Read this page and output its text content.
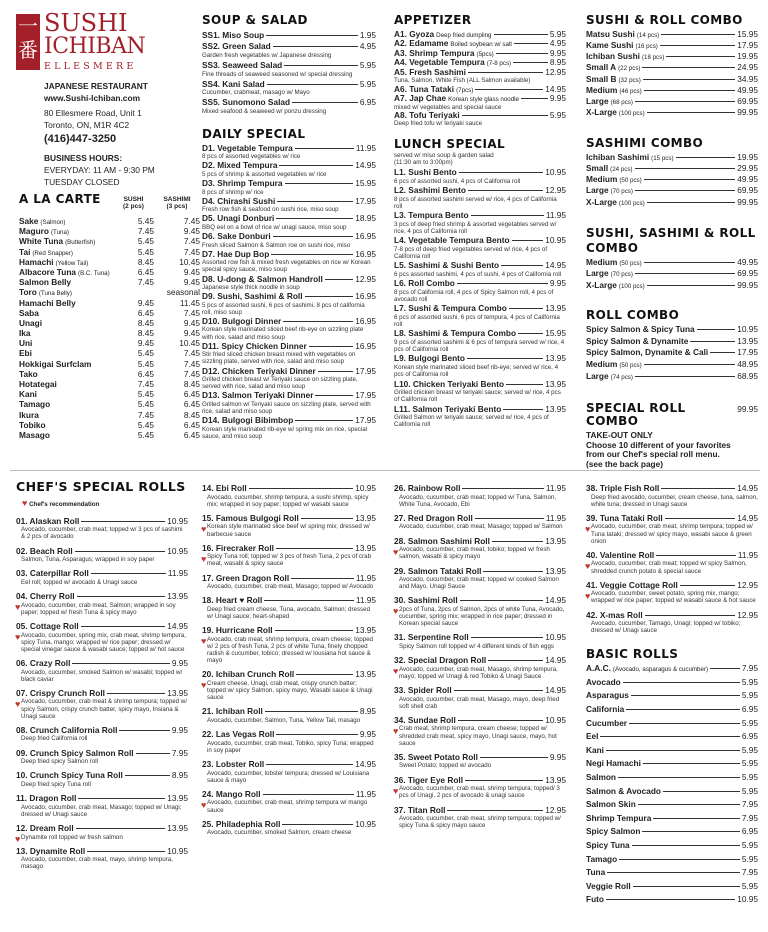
一
番
SUSHI
ICHIBAN
ELLESMERE
JAPANESE RESTAURANT
www.Sushi-Ichiban.com
80 Ellesmere Road, Unit 1
Toronto, ON, M1R 4C2
(416)447-3250
BUSINESS HOURS:
EVERYDAY: 11 AM - 9:30 PM
TUESDAY CLOSED
A LA CARTE	SUSHI
(2 pcs)
SASHIMI
(3 pcs)
Sake (Salmon)	5.45	7.45
Maguro (Tuna)	7.45	9.45
White Tuna (Butterfish)	5.45	7.45
Tai (Red Snapper)	5.45	7.45
Hamachi (Yellow Tail)	8.45	10.45
Albacore Tuna (B.C. Tuna)	6.45	9.45
Salmon Belly	7.45	9.45
Toro (Tuna Belly)	seasonal
Hamachi Belly	9.45	11.45
Saba	6.45	7.45
Unagi	8.45	9.45
Ika	8.45	9.45
Uni	9.45	10.45
Ebi	5.45	7.45
Hokkigai Surfclam	5.45	7.45
Tako	6.45	7.45
Hotategai	7.45	8.45
Kani	5.45	6.45
Tamago	5.45	6.45
Ikura	7.45	8.45
Tobiko	5.45	6.45
Masago	5.45	6.45
SOUP & SALAD
SS1. Miso Soup	1.95
SS2. Green Salad	4.95
Garden fresh vegetables w/ Japanese dressing
SS3. Seaweed Salad	5.95
Fine threads of seaweed seasoned w/ special dressing
SS4. Kani Salad	5.95
Cucumber, crabmeat, masago w/ Mayo
SS5. Sunomono Salad	6.95
Mixed seafood & seaweed w/ ponzu dressing
DAILY SPECIAL
D1. Vegetable Tempura	11.95
8 pcs of assorted vegetables w/ rice
D2. Mixed Tempura	14.95
5 pcs of shrimp & assorted vegetables w/ rice
D3. Shrimp Tempura	15.95
8 pcs of shrimp w/ rice
D4. Chirashi Sushi	17.95
Fresh row fish & seafood on sushi rice, miso soup
D5. Unagi Donburi	18.95
BBQ eel on a bowl of rice w/ unagi sauce, miso soup
D6. Sake Donburi	16.95
Fresh sliced Salmon & Salmon roe on sushi rice, miso
D7. Hae Dup Bop	16.95
Assorted row fish & mixed fresh vegetables on rice w/ Korean special spicy sauce, miso soup
D8. U-dong & Salmon Handroll	12.95
Japanese style thick noodle in soup
D9. Sushi, Sashimi & Roll	16.95
5 pcs of assorted sushi, 6 pcs of sashimi, 8 pcs of california roll, miso soup
D10. Bulgogi Dinner	16.95
Korean style marinated sliced beef rib-eye on sizzling plate with rice, salad and miso soup
D11. Spicy Chicken Dinner	16.95
Stir fried sliced chicken breast mixed with vegetables on sizzling plate, served with rice, salad and miso soup
D12. Chicken Teriyaki Dinner	17.95
Grilled chicken breast w/ Teriyaki sauce on sizzling plate, served with rice, salad and miso soup
D13. Salmon Teriyaki Dinner	17.95
Grilled salmon w/ Teriyaki sauce on sizzling plate, served with rice, salad and miso soup
D14. Bulgogi Bibimbop	17.95
Korean style marinated rib-eye w/ spring mix on rice, special sauce, and miso soup
APPETIZER
A1. Gyoza Deep fried dumpling	5.95
A2. Edamame Boiled soybean w/ salt	4.95
A3. Shrimp Tempura (5pcs)	9.95
A4. Vegetable Tempura (7-8 pcs)	8.95
A5. Fresh Sashimi	12.95
Tuna, Salmon, White Fish (ALL Salmon available)
A6. Tuna Tataki (7pcs)	14.95
A7. Jap Chae Korean style glass noodle	9.95
mixed w/ vegetables and special sauce
A8. Tofu Teriyaki	5.95
Deep fried tofu w/ teriyaki sauce
LUNCH SPECIAL
served w/ miso soup & garden salad
(11:30 am to 3:00pm)
L1. Sushi Bento	10.95
6 pcs of assorted sushi, 4 pcs of California roll
L2. Sashimi Bento	12.95
8 pcs of assorted sashimi served w/ rice, 4 pcs of California roll
L3. Tempura Bento	11.95
3 pcs of deep fried shrimp & assorted vegetables served w/ rice, 4 pcs of California roll
L4. Vegetable Tempura Bento	10.95
7-8 pcs of deep fried vegetables served w/ rice, 4 pcs of California roll
L5. Sashimi & Sushi Bento	14.95
6 pcs assorted sashimi, 4 pcs of sushi, 4 pcs of California roll
L6. Roll Combo	9.95
8 pcs of California roll, 4 pcs of Spicy Salmon roll, 4 pcs of avocado roll
L7. Sushi & Tempura Combo	13.95
6 pcs of assorted sushi, 6 pcs of tempura, 4 pcs of California roll
L8. Sashimi & Tempura Combo	15.95
9 pcs of assorted sashimi & 6 pcs of tempura served w/ rice, 4 pcs of California roll
L9. Bulgogi Bento	13.95
Korean style marinated sliced beef rib-eye; served w/ rice, 4 pcs of California roll
L10. Chicken Teriyaki Bento	13.95
Grilled chicken breast w/ teriyaki sauce; served w/ rice, 4 pcs of California roll
L11. Salmon Teriyaki Bento	13.95
Grilled Salmon w/ teriyaki sauce; served w/ rice, 4 pcs of California roll
SUSHI & ROLL COMBO
Matsu Sushi (14 pcs)	15.95
Kame Sushi (16 pcs)	17.95
Ichiban Sushi (18 pcs)	19.95
Small A (22 pcs)	24.95
Small B (32 pcs)	34.95
Medium (46 pcs)	49.95
Large (68 pcs)	69.95
X-Large (100 pcs)	99.95
SASHIMI COMBO
Ichiban Sashimi (15 pcs)	19.95
Small (24 pcs)	29.95
Medium (50 pcs)	49.95
Large (70 pcs)	69.95
X-Large (100 pcs)	99.95
SUSHI, SASHIMI & ROLL
COMBO
Medium (50 pcs)	49.95
Large (70 pcs)	69.95
X-Large (100 pcs)	99.95
ROLL COMBO
Spicy Salmon & Spicy Tuna	10.95
Spicy Salmon & Dynamite	13.95
Spicy Salmon, Dynamite & Cali	17.95
Medium (50 pcs)	48.95
Large (74 pcs)	68.95
SPECIAL ROLL COMBO
99.95
TAKE-OUT ONLY
Choose 10 different of your favorites
from our Chef's special roll menu.
(see the back page)
CHEF'S SPECIAL ROLLS
♥ Chef's recommendation
01. Alaskan Roll	10.95
Avocado, cucumber, crab meat; topped w/ 3 pcs of sashimi & 2 pcs of avocado
02. Beach Roll	10.95
Salmon, Tuna, Asparagus; wrapped in soy paper
03. Caterpillar Roll	11.95
Eel roll; topped w/ avocado & Unagi sauce
04. Cherry Roll	13.95
Avocado, cucumber, crab meat, Salmon; wrapped in soy paper; topped w/ fresh Tuna & spicy mayo
♥
05. Cottage Roll	14.95
Avocado, cucumber, spring mix, crab meat, shrimp tempura, spicy Tuna, mango; wrapped w/ rice paper; dressed w/ special vinegar sauce & wasabi sauce; topped w/ hot sauce
♥
06. Crazy Roll	9.95
Avocado, cucumber, smoked Salmon w/ wasabi; topped w/ black caviar
07. Crispy Crunch Roll	13.95
Avocado, cucumber, crab meat & shrimp tempura; topped w/ spicy Salmon, crispy crunch batter, spicy mayo, Insiana & Unagi sauce
♥
08. Crunch California Roll	9.95
Deep fried California roll
09. Crunch Spicy Salmon Roll	7.95
Deep fried spicy Salmon roll
10. Crunch Spicy Tuna Roll	8.95
Deep fried spicy Tuna roll
11. Dragon Roll	13.95
Avocado, cucumber, crab meat, Masago; topped w/ Unagi; dressed w/ Unagi sauce
12. Dream Roll	13.95
Dynamite roll topped w/ fresh salmon
♥
13. Dynamite Roll	10.95
Avocado, cucumber, crab meat, mayo, shrimp tempura, masago
14. Ebi Roll	10.95
Avocado, cucumber, shrimp tempura, a sushi shrimp, spicy mix; wrapped in soy paper; topped w/ wasabi sauce
15. Famous Bulgogi Roll	13.95
Korean style marinated slice beef w/ spring mix; dressed w/ barbecue sauce
♥
16. Firecraker Roll	13.95
Spicy Tuna roll; topped w/ 3 pcs of fresh Tuna, 2 pcs of crab meat, wasabi & spicy sauce
♥
17. Green Dragon Roll	11.95
Avocado, cucumber, crab meat, Masago; topped w/ Avocado
18. Heart ♥ Roll	11.95
Deep fried cream cheese, Tuna, avocado, Salmon; dressed w/ Unagi sauce; heart-shaped
19. Hurricane Roll	13.95
Avocado, crab meat, shrimp tempura, cream cheese; topped w/ 2 pcs of fresh Tuna, 2 pcs of white Tuna, finely chopped radish & cucumber, tobico; dressed w/ lousiana hot sauce & mayo
♥
20. Ichiban Crunch Roll	13.95
Cream cheese, Unagi, crab meat, crispy crunch batter; topped w/ spicy Salmon, spicy mayo, Wasabi sauce & Unagi sauce
♥
21. Ichiban Roll	8.95
Avocado, cucumber, Salmon, Tuna, Yellow Tail, masago
22. Las Vegas Roll	9.95
Avocado, cucumber, crab meat, Tobiko, spicy Tuna; wrapped in soy paper
23. Lobster Roll	14.95
Avocado, cucumber, lobster tempura; dressed w/ Louisiana sauce & mayo
24. Mango Roll	11.95
Avocado, cucumber, crab meat, shrimp tempura w/ mango sauce
♥
25. Philadephia Roll	10.95
Avocado, cucumber, smoked Salmon, cream cheese
26. Rainbow Roll	11.95
Avocado, cucumber, crab meat; topped w/ Tuna, Salmon, White Tuna, Avocado, Ebi
27. Red Dragon Roll	11.95
Avocado, cucumber, crab meat, Masago; topped w/ Salmon
28. Salmon Sashimi Roll	13.95
Avocado, cucumber, crab meat, tobiko; topped w/ fresh salmon, wasabi & spicy mayo
♥
29. Salmon Tataki Roll	13.95
Avocado, cucumber, crab meat; topped w/ cooked Salmon and Mayo, Unagi Sauce
30. Sashimi Roll	14.95
2pcs of Tuna, 2pcs of Salmon, 2pcs of white Tuna, Avocado, cucumber, spring mix; wrapped in rice paper; dressed in Korean special sauce
♥
31. Serpentine Roll	10.95
Spicy Salmon roll topped w/ 4 different kinds of fish eggs
32. Special Dragon Roll	14.95
Avocado, cucumber, crab meat, Masago, shrimp tempura, mayo; topped w/ Unagi & red Tobiko & Unagi Sauce
♥
33. Spider Roll	14.95
Avocado, cucumber, crab meat, Masago, mayo, deep fried soft shell crab
34. Sundae Roll	10.95
Crab meat, shrimp tempura, cream cheese; topped w/ shredded crab meat, spicy mayo, Unagi sauce, mayo, hot sauce
♥
35. Sweet Potato Roll	9.95
Sweet Potato; topped w/ avocado
36. Tiger Eye Roll	13.95
Avocado, cucumber, crab meat, shrimp tempura; topped/ 3 pcs of Unagi, 2 pcs of avocado & unagi sauce
♥
37. Titan Roll	12.95
Avocado, cucumber, crab meat, shrimp tempura; topped w/ spicy Tuna & spicy mayo sauce
38. Triple Fish Roll	14.95
Deep fried avocado, cucumber, cream cheese, tuna, salmon, white tuna; dressed in Unagi sauce
39. Tuna Tataki Roll	14.95
Avocado, cucumber, crab meat, shrimp tempura; topped w/ Tuna tataki; dressed w/ spicy mayo, wasabi sauce & green onion
♥
40. Valentine Roll	11.95
Avocado, cucumber, crab meat; topped w/ spicy Salmon, shredded crunch potato & special sauce
♥
41. Veggie Cottage Roll	12.95
Avocado, cucumber, sweet potato, spring mix, mango; wrapped w/ rice paper; topped w/ wasabi sauce & hot sauce
♥
42. X-mas Roll	12.95
Avocado, cucumber, Tamago, Unagi; topped w/ tobiko; dressed w/ Unagi sauce
BASIC ROLLS
A.A.C. (Avocado, asparagus & cucumber)	7.95
Avocado	5.95
Asparagus	5.95
California	6.95
Cucumber	5.95
Eel	6.95
Kani	5.95
Negi Hamachi	5.95
Salmon	5.95
Salmon & Avocado	5.95
Salmon Skin	7.95
Shrimp Tempura	7.95
Spicy Salmon	6.95
Spicy Tuna	5.95
Tamago	5.95
Tuna	7.95
Veggie Roll	5.95
Futo	10.95
